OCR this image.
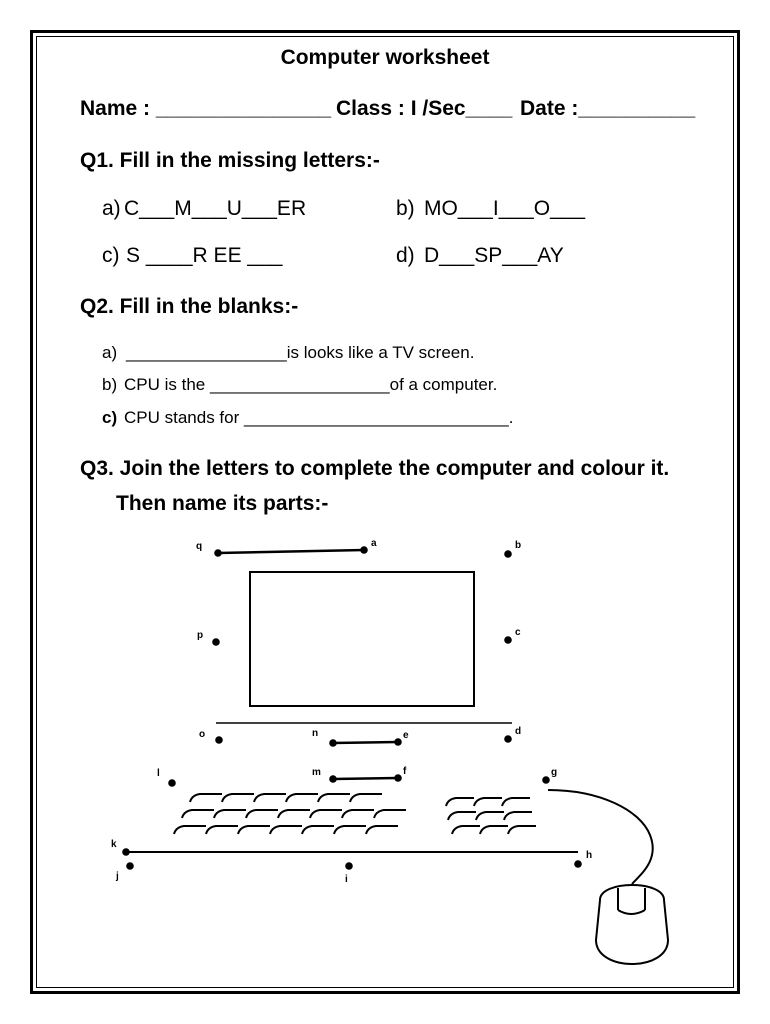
Computer worksheet
Name : _______________ Class : I /Sec____ Date :__________
Q1. Fill in the missing letters:-
a) C___M___U___ER	b) MO___I___O___
c) S ____R EE ___	d) D___SP___AY
Q2. Fill in the blanks:-
a) _________________is looks like a TV screen.
b) CPU is the ___________________of a computer.
c) CPU stands for ____________________________.
Q3. Join the letters to complete the computer and colour it.
Then name its parts:-
q	a	b
p	c
o	n	e	d
m	f
l	g
k
j	i
h
